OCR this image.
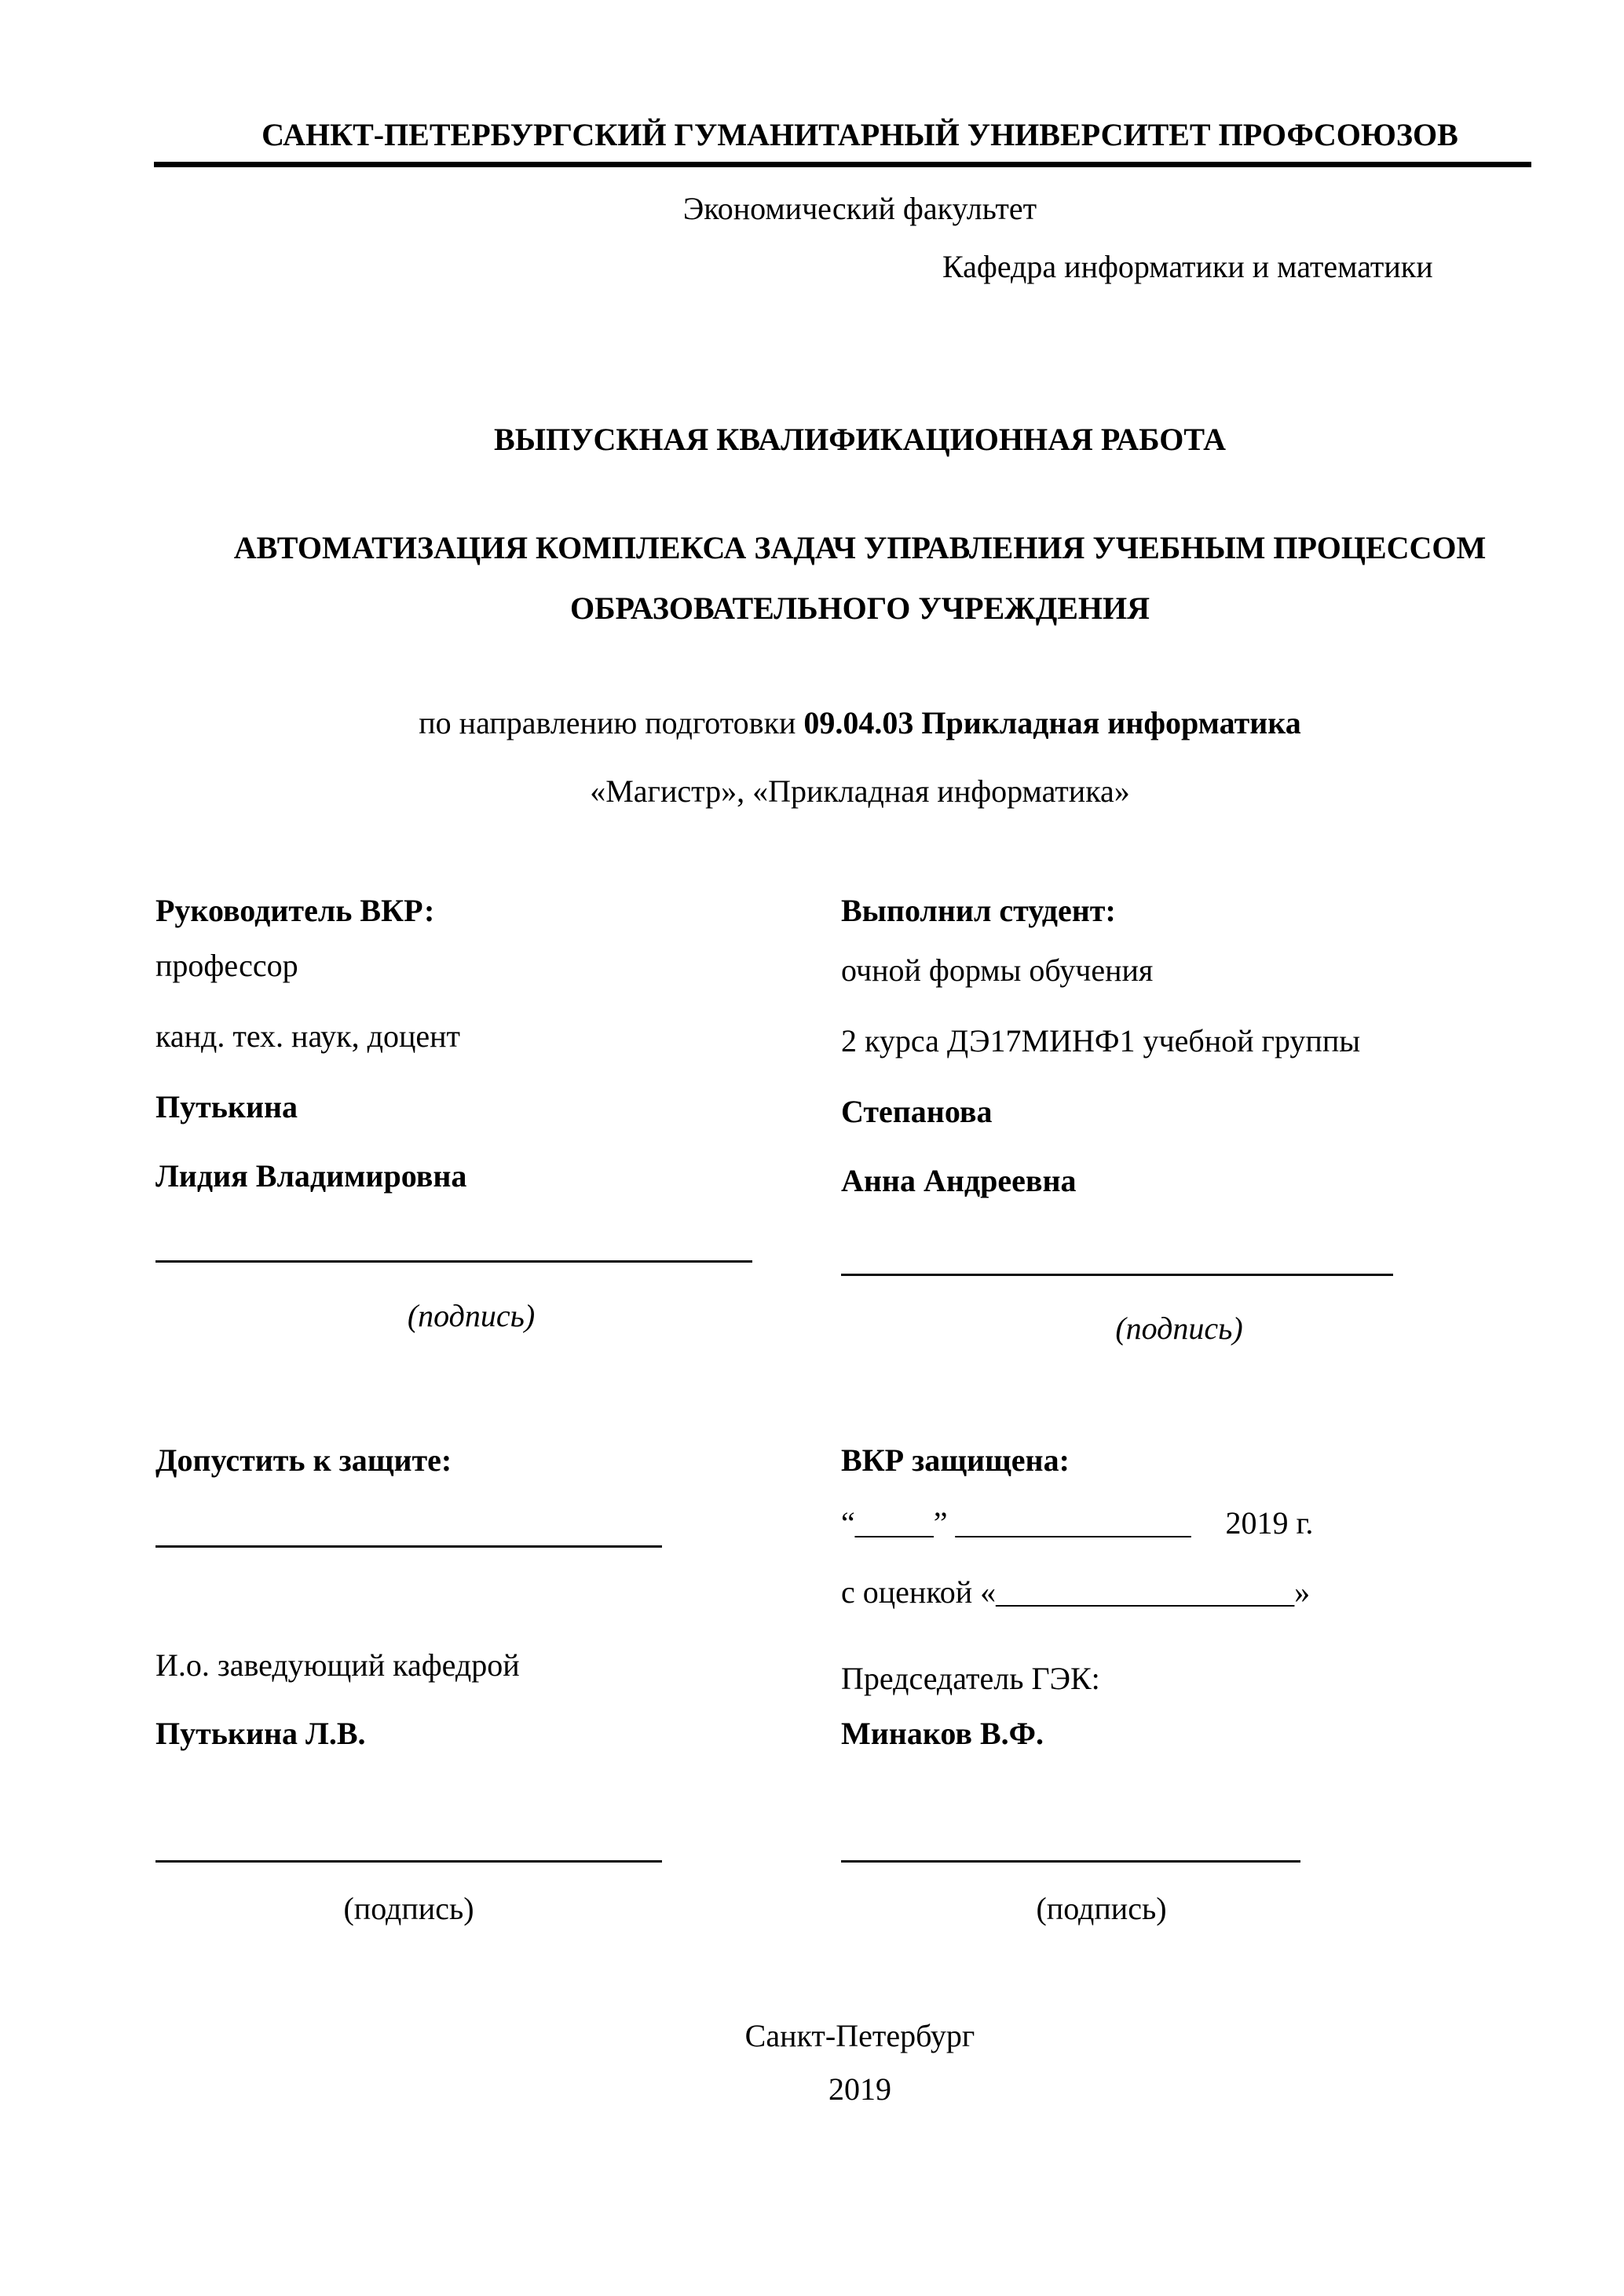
САНКТ-ПЕТЕРБУРГСКИЙ ГУМАНИТАРНЫЙ УНИВЕРСИТЕТ ПРОФСОЮЗОВ
Экономический факультет
Кафедра информатики и математики
ВЫПУСКНАЯ КВАЛИФИКАЦИОННАЯ РАБОТА
АВТОМАТИЗАЦИЯ КОМПЛЕКСА ЗАДАЧ УПРАВЛЕНИЯ УЧЕБНЫМ ПРОЦЕССОМ
ОБРАЗОВАТЕЛЬНОГО УЧРЕЖДЕНИЯ
по направлению подготовки 09.04.03 Прикладная информатика
«Магистр», «Прикладная информатика»
Руководитель ВКР:
профессор
канд. тех. наук, доцент
Путькина
Лидия Владимировна
(подпись)
Выполнил студент:
очной формы обучения
2 курса ДЭ17МИНФ1 учебной группы
Степанова
Анна Андреевна
(подпись)
Допустить к защите:	ВКР защищена:
“_____” _______________ 2019 г.
с оценкой «___________________»
И.о. заведующий кафедрой	Председатель ГЭК:
Путькина Л.В.	Минаков В.Ф.
(подпись)	(подпись)
Санкт-Петербург
2019
